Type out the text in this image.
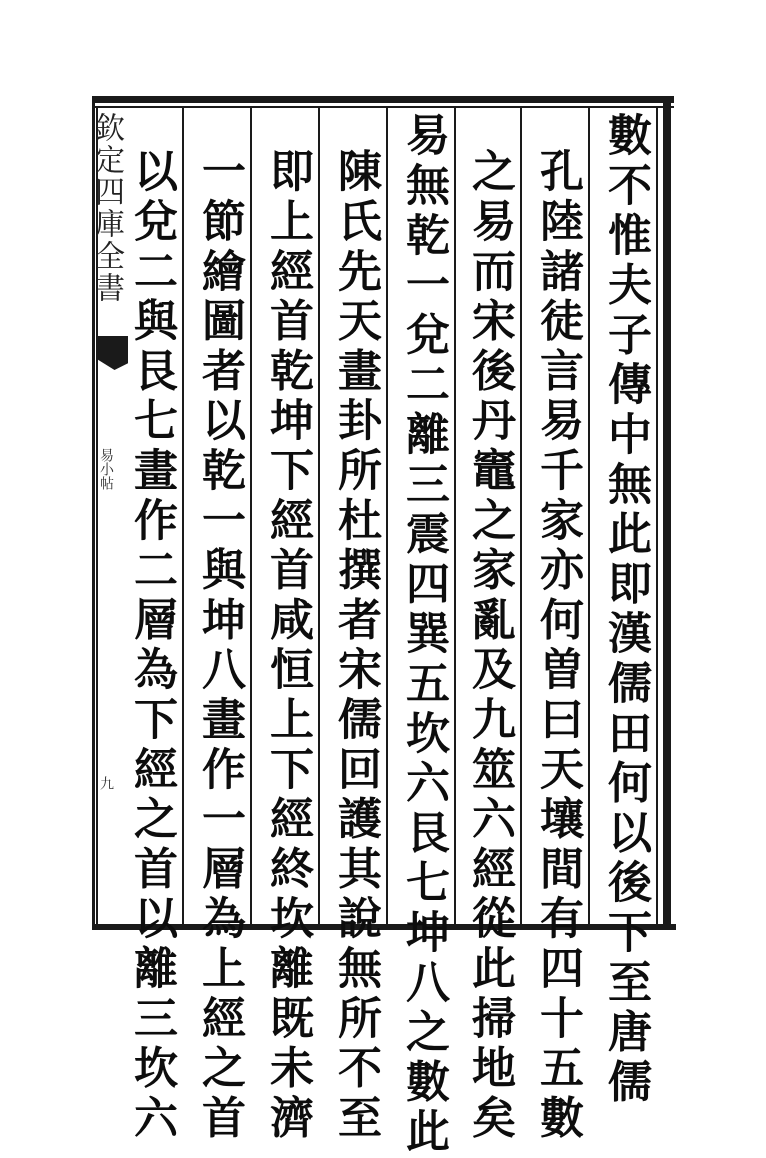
欽定四庫全書
易小帖
九	數不惟夫子傳中無此即漢儒田何以後下至唐儒
孔陸諸徒言易千家亦何曽曰天壤間有四十五數
之易而宋後丹竈之家亂及九筮六經從此掃地矣
易無乾一兌二離三震四巽五坎六艮七坤八之數此
陳氏先天畫卦所杜撰者宋儒回護其說無所不至
即上經首乾坤下經首咸恒上下經終坎離既未濟
一節繪圖者以乾一與坤八畫作一層為上經之首
以兌二與艮七畫作二層為下經之首以離三坎六
